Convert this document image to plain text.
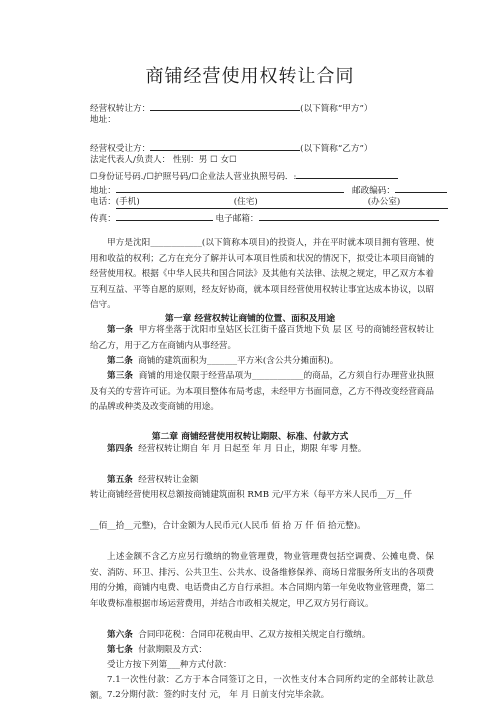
商铺经营使用权转让合同
经营权转让方：	(以下简称“甲方”）
地址：
经营权受让方：	(以下简称“乙方”）
法定代表人/负责人： 性别：男 ☐ 女☐
☐身份证号码./☐护照号码/☐企业法人营业执照号码．:
地址：	邮政编码：
电话：(手机)	(住宅)	(办公室)
传真：	电子邮箱：
甲方是沈阳____________(以下简称本项目)的投资人，并在平时就本项目拥有管理、使用和收益的权利；乙方在充分了解并认可本项目性质和状况的情况下，拟受让本项目商铺的经营使用权。根据《中华人民共和国合同法》及其他有关法律、法规之规定，甲乙双方本着互利互益、平等自愿的原则，经友好协商，就本项目经营使用权转让事宜达成本协议，以昭信守。
第一章 经营权转让商铺的位置、面积及用途
第一条 甲方将坐落于沈阳市皇姑区长江街千盛百货地下负 层 区 号的商铺经营权转让给乙方，用于乙方在商铺内从事经营。
第二条 商铺的建筑面积为_______平方米(含公共分摊面积)。
第三条 商铺的用途仅限于经营品项为____________的商品，乙方须自行办理营业执照及有关的专营许可证。为本项目整体布局考虑，未经甲方书面同意，乙方不得改变经营商品的品牌或种类及改变商铺的用途。
第二章 商铺经营使用权转让期限、标准、付款方式
第四条 经营权转让期自 年 月 日起至 年 月 日止，期限 年零 月整。
第五条 经营权转让金额
转让商铺经营使用权总额按商铺建筑面积 RMB 元/平方米（每平方米人民币__万__仟
__佰__拾__元整)，合计金额为人民币元(人民币 佰 拾 万 仟 佰 拾元整)。
上述金额不含乙方应另行缴纳的物业管理费，物业管理费包括空调费、公摊电费、保安、消防、环卫、排污、公共卫生、公共水、设备维修保养、商场日常服务所支出的各项费用的分摊，商铺内电费、电话费由乙方自行承担。本合同期内第一年免收物业管理费，第二年收费标准根据市场运营费用，并结合市政相关规定，甲乙双方另行商议。
第六条 合同印花税：合同印花税由甲、乙双方按相关规定自行缴纳。
第七条 付款期限及方式：
受让方按下列第___种方式付款：
7.1一次性付款：乙方于本合同签订之日，一次性支付本合同所约定的全部转让款总额。 7.2分期付款：签约时支付 元， 年 月 日前支付完毕余款。
